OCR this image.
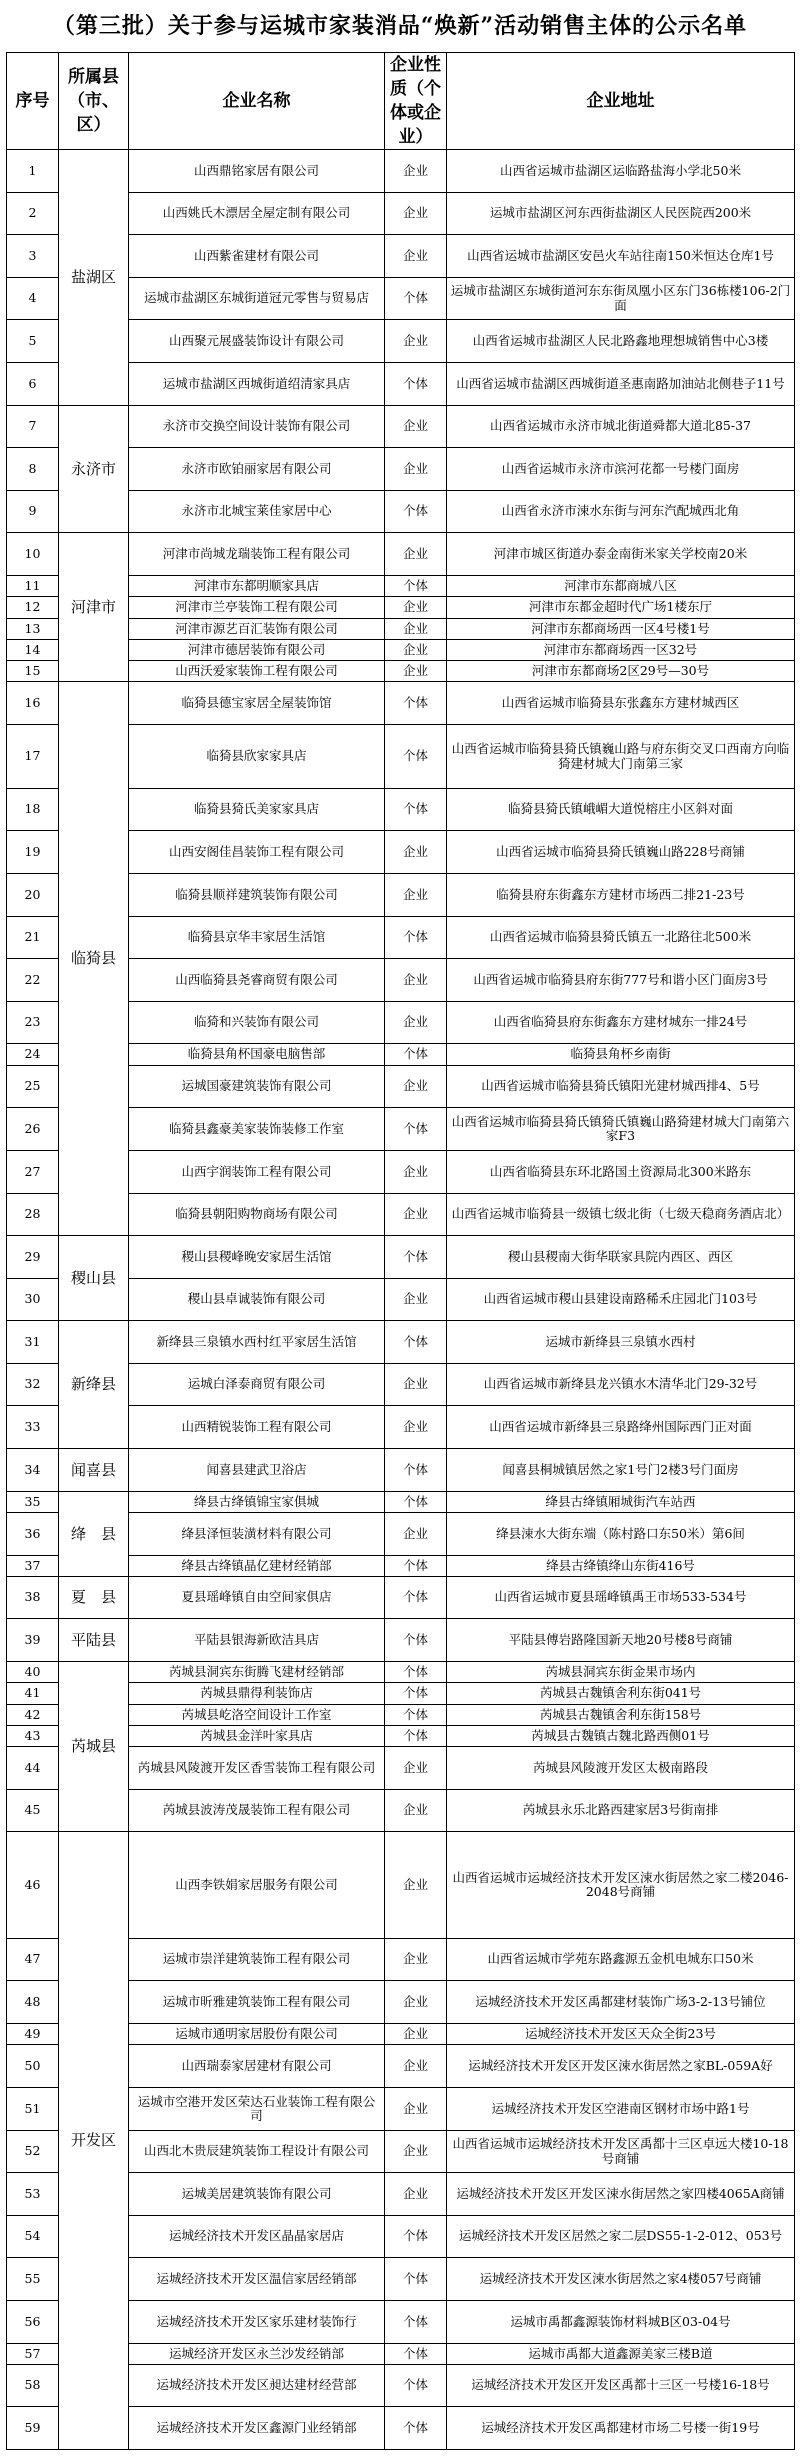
（第三批）关于参与运城市家装消品“焕新”活动销售主体的公示名单
序号	所属县（市、区）	企业名称	企业性质（个体或企业）	企业地址
1	盐湖区	山西鼎铭家居有限公司	企业	山西省运城市盐湖区运临路盐海小学北50米
2		山西姚氏木漂居全屋定制有限公司	企业	运城市盐湖区河东西街盐湖区人民医院西200米
3		山西紫雀建材有限公司	企业	山西省运城市盐湖区安邑火车站往南150米恒达仓库1号
4		运城市盐湖区东城街道冠元零售与贸易店	个体	运城市盐湖区东城街道河东东街凤凰小区东门36栋楼106-2门面
5		山西聚元展盛装饰设计有限公司	企业	山西省运城市盐湖区人民北路鑫地理想城销售中心3楼
6		运城市盐湖区西城街道绍清家具店	个体	山西省运城市盐湖区西城街道圣惠南路加油站北侧巷子11号
7	永济市	永济市交换空间设计装饰有限公司	企业	山西省运城市永济市城北街道舜都大道北85-37
8		永济市欧铂丽家居有限公司	企业	山西省运城市永济市滨河花都一号楼门面房
9		永济市北城宝莱佳家居中心	个体	山西省永济市涑水东街与河东汽配城西北角
10	河津市	河津市尚城龙瑞装饰工程有限公司	企业	河津市城区街道办泰金南街米家关学校南20米
11		河津市东都明顺家具店	个体	河津市东都商城八区
12		河津市兰亭装饰工程有限公司	企业	河津市东都金超时代广场1楼东厅
13		河津市源艺百汇装饰有限公司	企业	河津市东都商场西一区4号楼1号
14		河津市德居装饰有限公司	企业	河津市东都商场西一区32号
15		山西沃爱家装饰工程有限公司	企业	河津市东都商场2区29号—30号
16	临猗县	临猗县德宝家居全屋装饰馆	个体	山西省运城市临猗县东张鑫东方建材城西区
17		临猗县欣家家具店	个体	山西省运城市临猗县猗氏镇巍山路与府东街交叉口西南方向临猗建材城大门南第三家
18		临猗县猗氏美家家具店	个体	临猗县猗氏镇峨嵋大道悦榕庄小区斜对面
19		山西安阁佳昌装饰工程有限公司	企业	山西省运城市临猗县猗氏镇巍山路228号商铺
20		临猗县顺祥建筑装饰有限公司	企业	临猗县府东街鑫东方建材市场西二排21-23号
21		临猗县京华丰家居生活馆	个体	山西省运城市临猗县猗氏镇五一北路往北500米
22		山西临猗县尧睿商贸有限公司	企业	山西省运城市临猗县府东街777号和谐小区门面房3号
23		临猗和兴装饰有限公司	企业	山西省临猗县府东街鑫东方建材城东一排24号
24		临猗县角杯国豪电脑售部	个体	临猗县角杯乡南街
25		运城国豪建筑装饰有限公司	企业	山西省运城市临猗县猗氏镇阳光建材城西排4、5号
26		临猗县鑫豪美家装饰装修工作室	个体	山西省运城市临猗县猗氏镇猗氏镇巍山路猗建材城大门南第六家F3
27		山西宇润装饰工程有限公司	企业	山西省临猗县东环北路国土资源局北300米路东
28		临猗县朝阳购物商场有限公司	企业	山西省运城市临猗县一级镇七级北街（七级天稳商务酒店北）
29	稷山县	稷山县稷峰晚安家居生活馆	个体	稷山县稷南大街华联家具院内西区、西区
30		稷山县卓诚装饰有限公司	企业	山西省运城市稷山县建设南路稀禾庄园北门103号
31	新绛县	新绛县三泉镇水西村红平家居生活馆	个体	运城市新绛县三泉镇水西村
32		运城白泽泰商贸有限公司	企业	山西省运城市新绛县龙兴镇水木清华北门29-32号
33		山西精锐装饰工程有限公司	企业	山西省运城市新绛县三泉路绛州国际西门正对面
34	闻喜县	闻喜县建武卫浴店	个体	闻喜县桐城镇居然之家1号门2楼3号门面房
35	绛　县	绛县古绛镇锦宝家俱城	个体	绛县古绛镇厢城街汽车站西
36		绛县泽恒装潢材料有限公司	企业	绛县涑水大街东端（陈村路口东50米）第6间
37		绛县古绛镇晶亿建材经销部	个体	绛县古绛镇绛山东街416号
38	夏　县	夏县瑶峰镇自由空间家俱店	个体	山西省运城市夏县瑶峰镇禹王市场533-534号
39	平陆县	平陆县银海新欧洁具店	个体	平陆县傅岩路隆国新天地20号楼8号商铺
40	芮城县	芮城县洞宾东街腾飞建材经销部	个体	芮城县洞宾东街金果市场内
41		芮城县鼎得利装饰店	个体	芮城县古魏镇舍利东街041号
42		芮城县屹洛空间设计工作室	个体	芮城县古魏镇舍利东街158号
43		芮城县金洋叶家具店	个体	芮城县古魏镇古魏北路西侧01号
44		芮城县风陵渡开发区香雪装饰工程有限公司	企业	芮城县风陵渡开发区太极南路段
45		芮城县波涛茂晟装饰工程有限公司	企业	芮城县永乐北路西建家居3号街南排
46	开发区	山西李铁娟家居服务有限公司	企业	山西省运城市运城经济技术开发区涑水街居然之家二楼2046-2048号商铺
47		运城市崇洋建筑装饰工程有限公司	企业	山西省运城市学苑东路鑫源五金机电城东口50米
48		运城市昕雅建筑装饰工程有限公司	企业	运城经济技术开发区禹都建材装饰广场3-2-13号铺位
49		运城市通明家居股份有限公司	企业	运城经济技术开发区天众全街23号
50		山西瑞泰家居建材有限公司	企业	运城经济技术开发区开发区涑水街居然之家BL-059A好
51		运城市空港开发区荣达石业装饰工程有限公司	企业	运城经济技术开发区空港南区钢材市场中路1号
52		山西北木贵辰建筑装饰工程设计有限公司	企业	山西省运城市运城经济技术开发区禹都十三区卓远大楼10-18号商铺
53		运城美居建筑装饰有限公司	企业	运城经济技术开发区开发区涑水街居然之家四楼4065A商铺
54		运城经济技术开发区晶晶家居店	个体	运城经济技术开发区居然之家二层DS55-1-2-012、053号
55		运城经济技术开发区温信家居经销部	个体	运城经济技术开发区涑水街居然之家4楼057号商铺
56		运城经济技术开发区家乐建材装饰行	个体	运城市禹都鑫源装饰材料城B区03-04号
57		运城经济开发区永兰沙发经销部	个体	运城市禹都大道鑫源美家三楼B道
58		运城经济技术开发区昶达建材经营部	个体	运城经济技术开发区开发区禹都十三区一号楼16-18号
59		运城经济技术开发区鑫源门业经销部	个体	运城经济技术开发区禹都建材市场二号楼一街19号
